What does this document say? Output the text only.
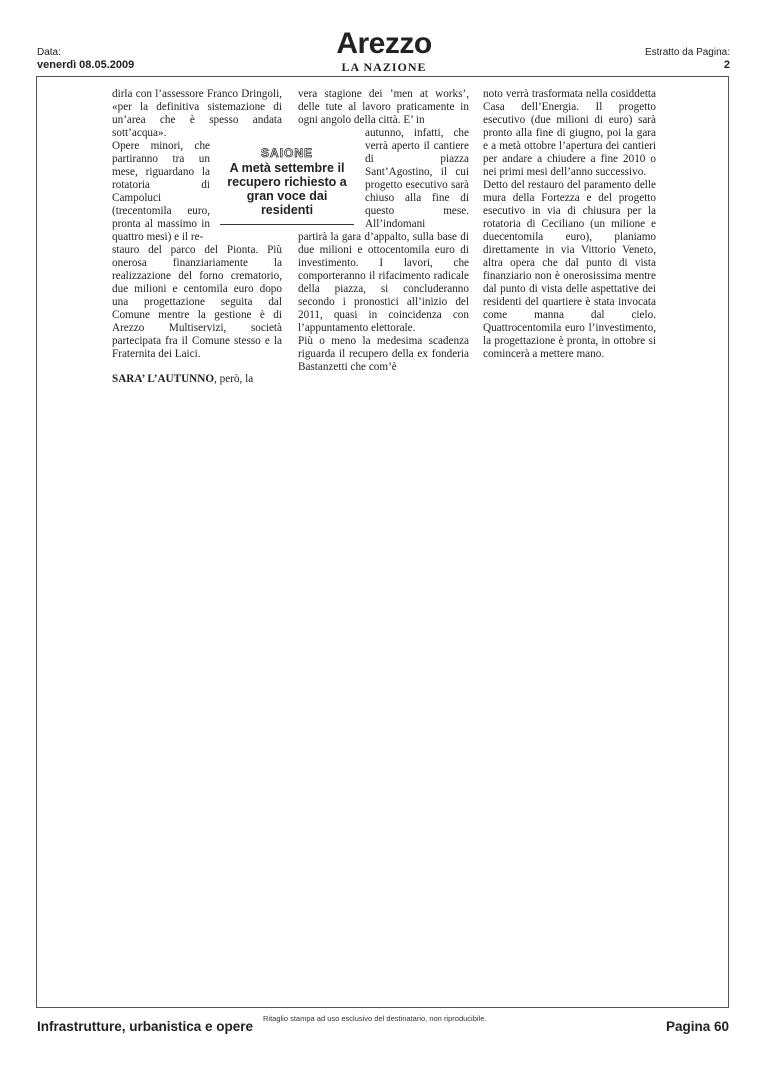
Data:
venerdì 08.05.2009
Arezzo
LA NAZIONE
Estratto da Pagina:
2

dirla con l’assessore Franco Dringoli, «per la definitiva sistemazione di un’area che è spesso andata sott’acqua».

Opere minori, che partiranno tra un mese, riguardano la rotatoria di Campoluci (trecentomila euro, pronta al massimo in quattro mesi) e il re-

stauro del parco del Pionta. Più onerosa finanziariamente la realizzazione del forno crematorio, due milioni e centomila euro dopo una progettazione seguita dal Comune mentre la gestione è di Arezzo Multiservizi, società partecipata fra il Comune stesso e la Fraternita dei Laici.

SARA’ L’AUTUNNO, però, la

vera stagione dei ’men at works’, delle tute al lavoro praticamente in ogni angolo della città. E’ in

autunno, infatti, che verrà aperto il cantiere di piazza Sant’Agostino, il cui progetto esecutivo sarà chiuso alla fine di questo mese. All’indomani

partirà la gara d’appalto, sulla base di due milioni e ottocentomila euro di investimento. I lavori, che comporteranno il rifacimento radicale della piazza, si concluderanno secondo i pronostici all’inizio del 2011, quasi in coincidenza con l’appuntamento elettorale.

Più o meno la medesima scadenza riguarda il recupero della ex fonderia Bastanzetti che com’è

noto verrà trasformata nella cosiddetta Casa dell’Energia. Il progetto esecutivo (due milioni di euro) sarà pronto alla fine di giugno, poi la gara e a metà ottobre l’apertura dei cantieri per andare a chiudere a fine 2010 o nei primi mesi dell’anno successivo.

Detto del restauro del paramento delle mura della Fortezza e del progetto esecutivo in via di chiusura per la rotatoria di Ceciliano (un milione e duecentomila euro), planiamo direttamente in via Vittorio Veneto, altra opera che dal punto di vista finanziario non è onerosissima mentre dal punto di vista delle aspettative dei residenti del quartiere è stata invocata come manna dal cielo. Quattrocentomila euro l’investimento, la progettazione è pronta, in ottobre si comincerà a mettere mano.

SAIONE
A metà settembre il recupero richiesto a gran voce dai residenti
Infrastrutture, urbanistica e opere
Ritaglio stampa ad uso esclusivo del destinatario, non riproducibile.
Pagina 60
